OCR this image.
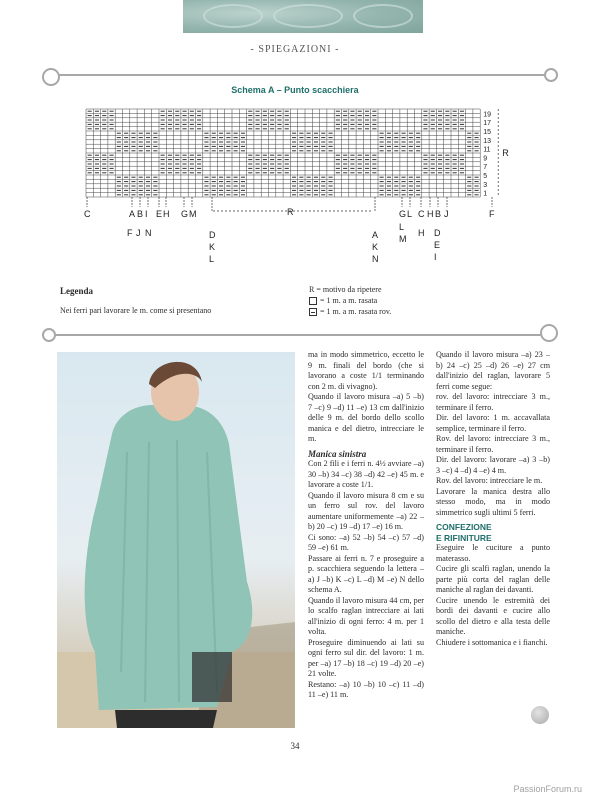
- SPIEGAZIONI -
Schema A – Punto scacchiera
19
17
15
13
11
9
7
5
3
1
R
C	A B I E H G M	G L C H B J	F
R
F J N	D
K
L
A
K
N
L
M
H D
E
I
Legenda
Nei ferri pari lavorare le m. come si presentano
R = motivo da ripetere
= 1 m. a m. rasata
= 1 m. a m. rasata rov.

ma in modo simmetrico, eccetto le 9 m. finali del bordo (che si lavorano a coste 1/1 terminando con 2 m. di vivagno).

Quando il lavoro misura –a) 5 –b) 7 –c) 9 –d) 11 –e) 13 cm dall'inizio delle 9 m. del bordo dello scollo manica e del dietro, intrecciare le m.

Manica sinistra

Con 2 fili e i ferri n. 4½ avviare –a) 30 –b) 34 –c) 38 –d) 42 –e) 45 m. e lavorare a coste 1/1.

Quando il lavoro misura 8 cm e su un ferro sul rov. del lavoro aumentare uniformemente –a) 22 –b) 20 –c) 19 –d) 17 –e) 16 m.

Ci sono: –a) 52 –b) 54 –c) 57 –d) 59 –e) 61 m.

Passare ai ferri n. 7 e proseguire a p. scacchiera seguendo la lettera –a) J –b) K –c) L –d) M –e) N dello schema A.

Quando il lavoro misura 44 cm, per lo scalfo raglan intrecciare ai lati all'inizio di ogni ferro: 4 m. per 1 volta.

Proseguire diminuendo ai lati su ogni ferro sul dir. del lavoro: 1 m. per –a) 17 –b) 18 –c) 19 –d) 20 –e) 21 volte.

Restano: –a) 10 –b) 10 –c) 11 –d) 11 –e) 11 m.

Quando il lavoro misura –a) 23 –b) 24 –c) 25 –d) 26 –e) 27 cm dall'inizio del raglan, lavorare 5 ferri come segue:

rov. del lavoro: intrecciare 3 m., terminare il ferro.

Dir. del lavoro: 1 m. accavallata semplice, terminare il ferro.

Rov. del lavoro: intrecciare 3 m., terminare il ferro.

Dir. del lavoro: lavorare –a) 3 –b) 3 –c) 4 –d) 4 –e) 4 m.

Rov. del lavoro: intrecciare le m.

Lavorare la manica destra allo stesso modo, ma in modo simmetrico sugli ultimi 5 ferri.

CONFEZIONE

E RIFINITURE

Eseguire le cuciture a punto materasso.

Cucire gli scalfi raglan, unendo la parte più corta del raglan delle maniche al raglan dei davanti.

Cucire unendo le estremità dei bordi dei davanti e cucire allo scollo del dietro e alla testa delle maniche.

Chiudere i sottomanica e i fianchi.

34
PassionForum.ru
